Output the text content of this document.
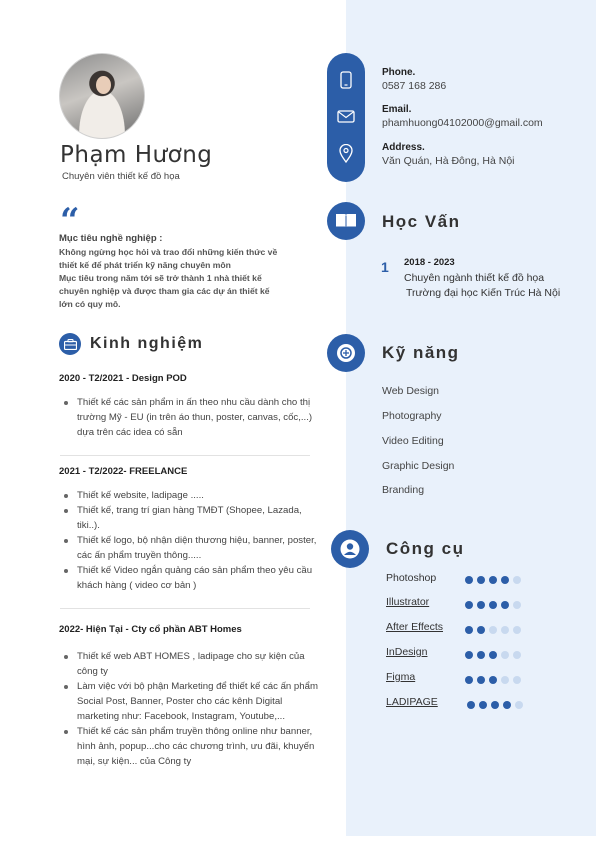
Phạm Hương
Chuyên viên thiết kế đồ họa
“
Mục tiêu nghề nghiệp :
Không ngừng học hỏi và trao đổi những kiến thức về
thiết kế để phát triển kỹ năng chuyên môn
Mục tiêu trong năm tới sẽ trở thành 1 nhà thiết kế
chuyên nghiệp và được tham gia các dự án thiết kế
lớn có quy mô.
Kinh nghiệm
2020 - T2/2021 - Design POD
Thiết kế các sản phẩm in ấn theo nhu cầu dành cho thị trường Mỹ - EU (in trên áo thun, poster, canvas, cốc,...) dựa trên các idea có sẵn
2021 - T2/2022- FREELANCE
Thiết kế website, ladipage .....
Thiết kế, trang trí gian hàng TMĐT (Shopee, Lazada, tiki..).
Thiết kế logo, bộ nhận diện thương hiệu, banner, poster, các ấn phẩm truyền thông.....
Thiết kế Video ngắn quảng cáo sản phẩm theo yêu cầu khách hàng ( video cơ bản )
2022- Hiện Tại - Cty cổ phần ABT Homes
Thiết kế web ABT HOMES , ladipage cho sự kiện của công ty
Làm việc với bộ phận Marketing để thiết kế các ấn phẩm Social Post, Banner, Poster cho các kênh Digital marketing như: Facebook, Instagram, Youtube,...
Thiết kế các sản phẩm truyền thông online như banner, hình ảnh, popup...cho các chương trình, ưu đãi, khuyến mại, sự kiện... của Công ty
Phone.
0587 168 286
Email.
phamhuong04102000@gmail.com
Address.
Văn Quán, Hà Đông, Hà Nội
Học Vấn
1 2018 - 2023
Chuyên ngành thiết kế đồ họa
Trường đại học Kiến Trúc Hà Nội
Kỹ năng
Web Design
Photography
Video Editing
Graphic Design
Branding
Công cụ
Photoshop
Illustrator
After Effects
InDesign
Figma
LADIPAGE
